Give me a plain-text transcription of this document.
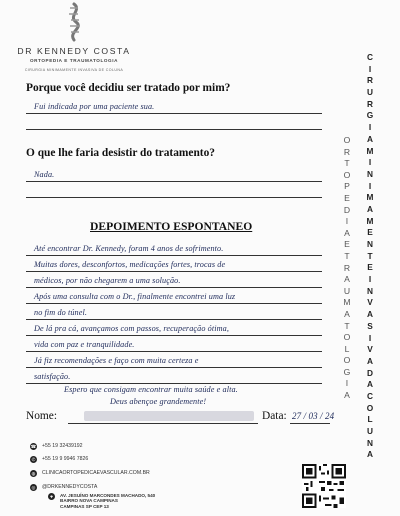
DR KENNEDY COSTA
ORTOPEDIA E TRAUMATOLOGIA
CIRURGIA MINIMAMENTE INVASIVA DE COLUNA
C
I
R
U
R
G
I
A
M
I
N
I
M
A
M
E
N
T
E
I
N
V
A
S
I
V
A
D
A
C
O
L
U
N
A
O
R
T
O
P
E
D
I
A
E
T
R
A
U
M
A
T
O
L
O
G
I
A
Porque você decidiu ser tratado por mim?
Fui indicada por uma paciente sua.
O que lhe faria desistir do tratamento?
Nada.
DEPOIMENTO ESPONTANEO
Até encontrar Dr. Kennedy, foram 4 anos de sofrimento.
Muitas dores, desconfortos, medicações fortes, trocas de
médicos, por não chegarem a uma solução.
Após uma consulta com o Dr., finalmente encontrei uma luz
no fim do túnel.
De lá pra cá, avançamos com passos, recuperação ótima,
vida com paz e tranquilidade.
Já fiz recomendações e faço com muita certeza e
satisfação.
Espero que consigam encontrar muita saúde e alta.
Deus abençoe grandemente!
Nome:	Data: 27 / 03 / 24
☎ +55 19 32439192
✆	+55 19 9 9946 7826
◍ CLINICAORTOPEDICAEVASCULAR.COM.BR
◎ @DRKENNEDYCOSTA
⌖	AV. JESUÍNO MARCONDES MACHADO, 540
BAIRRO NOVA CAMPINAS
CAMPINAS SP CEP 13
